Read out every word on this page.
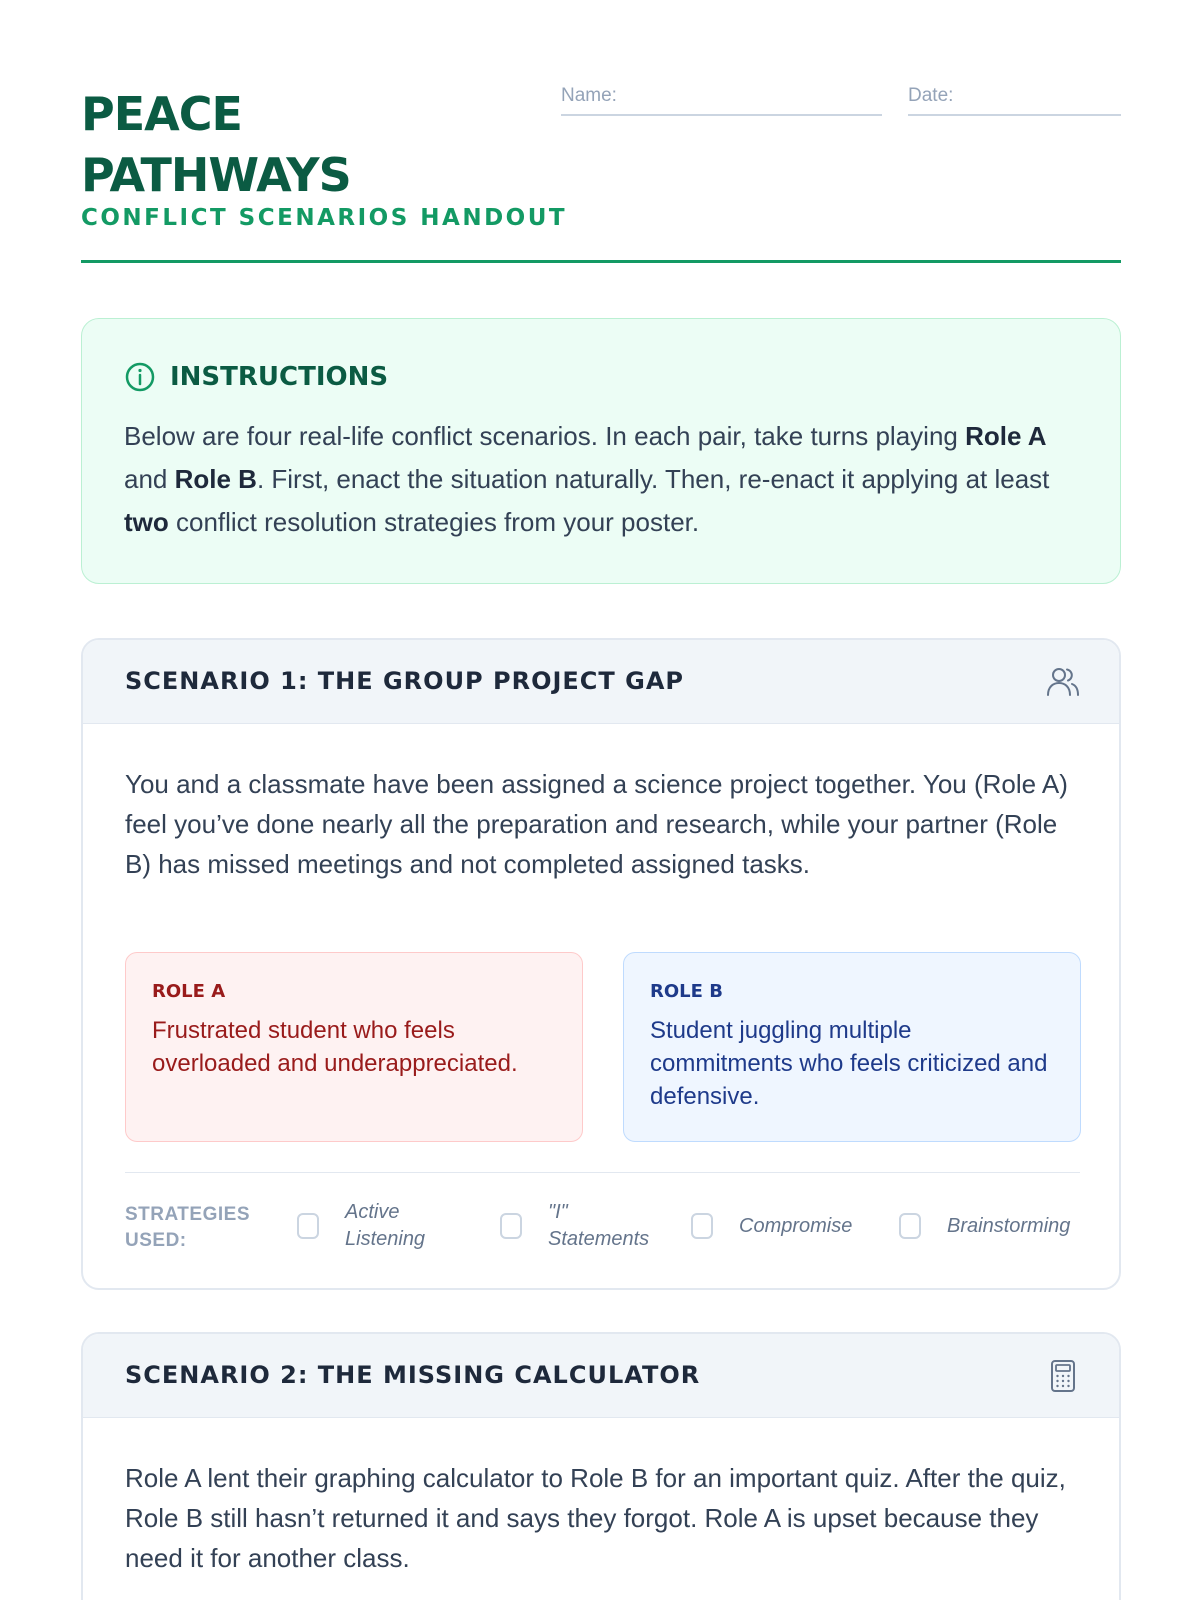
PEACE PATHWAYS
CONFLICT SCENARIOS HANDOUT
Name:	Date:
INSTRUCTIONS

Below are four real-life conflict scenarios. In each pair, take turns playing Role A and Role B. First, enact the situation naturally. Then, re-enact it applying at least two conflict resolution strategies from your poster.

SCENARIO 1: THE GROUP PROJECT GAP

You and a classmate have been assigned a science project together. You (Role A) feel you’ve done nearly all the preparation and research, while your partner (Role B) has missed meetings and not completed assigned tasks.

ROLE A
Frustrated student who feels overloaded and underappreciated.
ROLE B
Student juggling multiple commitments who feels criticized and defensive.
STRATEGIES USED:
Active Listening
"I" Statements
Compromise	Brainstorming
SCENARIO 2: THE MISSING CALCULATOR

Role A lent their graphing calculator to Role B for an important quiz. After the quiz, Role B still hasn’t returned it and says they forgot. Role A is upset because they need it for another class.
